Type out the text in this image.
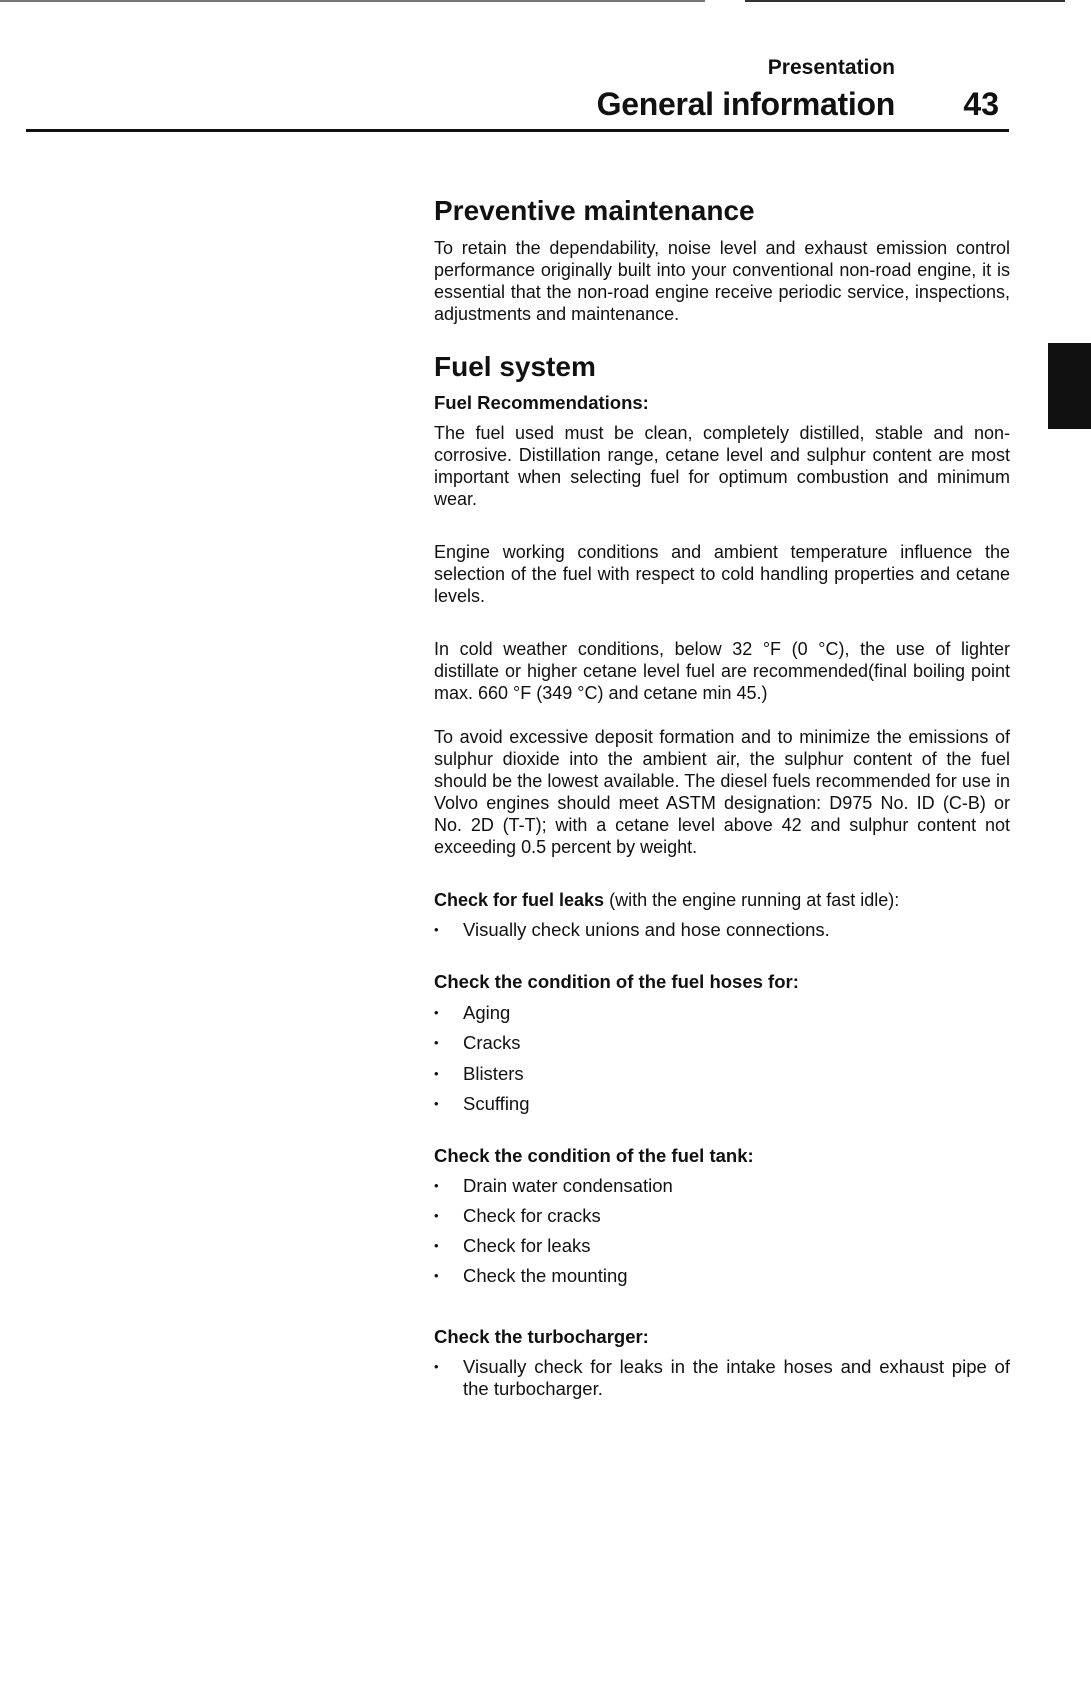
Presentation
General information 43
Preventive maintenance
To retain the dependability, noise level and exhaust emission control performance originally built into your conventional non-road engine, it is essential that the non-road engine receive periodic service, inspections, adjustments and maintenance.
Fuel system
Fuel Recommendations:
The fuel used must be clean, completely distilled, stable and non-corrosive. Distillation range, cetane level and sulphur content are most important when selecting fuel for optimum combustion and minimum wear.
Engine working conditions and ambient temperature influence the selection of the fuel with respect to cold handling properties and cetane levels.
In cold weather conditions, below 32 °F (0 °C), the use of lighter distillate or higher cetane level fuel are recommended(final boiling point max. 660 °F (349 °C) and cetane min 45.)
To avoid excessive deposit formation and to minimize the emissions of sulphur dioxide into the ambient air, the sulphur content of the fuel should be the lowest available. The diesel fuels recommended for use in Volvo engines should meet ASTM designation: D975 No. ID (C-B) or No. 2D (T-T); with a cetane level above 42 and sulphur content not exceeding 0.5 percent by weight.
Check for fuel leaks (with the engine running at fast idle):
• Visually check unions and hose connections.
Check the condition of the fuel hoses for:
• Aging
• Cracks
• Blisters
• Scuffing
Check the condition of the fuel tank:
• Drain water condensation
• Check for cracks
• Check for leaks
• Check the mounting
Check the turbocharger:
• Visually check for leaks in the intake hoses and exhaust pipe of the turbocharger.
